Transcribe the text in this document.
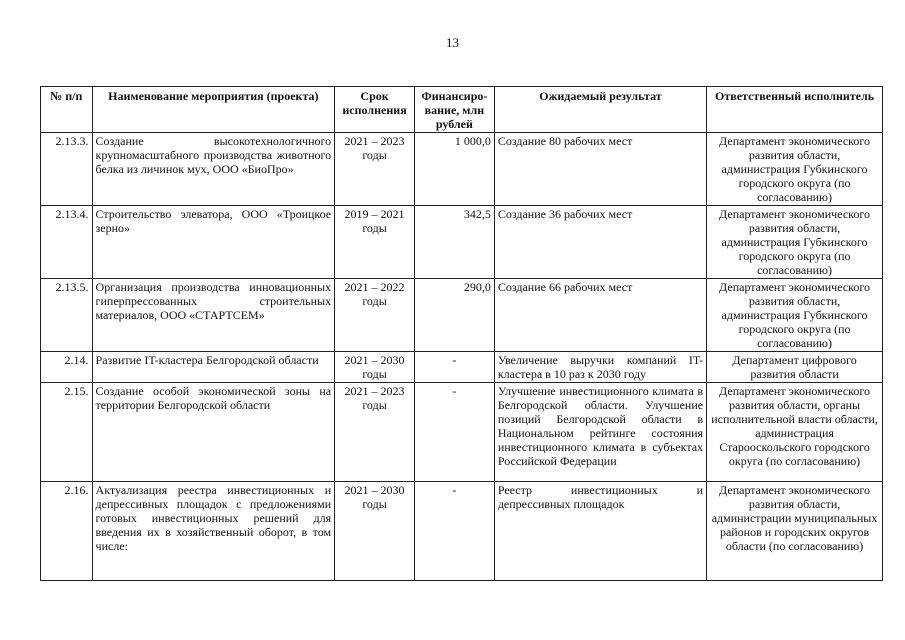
13
№ п/п	Наименование мероприятия (проекта)	Срок исполнения	Финансиро-вание, млн рублей	Ожидаемый результат	Ответственный исполнитель
2.13.3.	Создание высокотехнологичного крупномасштабного производства животного белка из личинок мух, ООО «БиоПро»	2021 – 2023 годы	1 000,0	Создание 80 рабочих мест	Департамент экономического развития области, администрация Губкинского городского округа (по согласованию)
2.13.4.	Строительство элеватора, ООО «Троицкое зерно»	2019 – 2021 годы	342,5	Создание 36 рабочих мест	Департамент экономического развития области, администрация Губкинского городского округа (по согласованию)
2.13.5.	Организация производства инновационных гиперпрессованных строительных материалов, ООО «СТАРТСЕМ»	2021 – 2022 годы	290,0	Создание 66 рабочих мест	Департамент экономического развития области, администрация Губкинского городского округа (по согласованию)
2.14.	Развитие IT-кластера Белгородской области	2021 – 2030 годы	-	Увеличение выручки компаний IT-кластера в 10 раз к 2030 году	Департамент цифрового развития области
2.15.	Создание особой экономической зоны на территории Белгородской области	2021 – 2023 годы	-	Улучшение инвестиционного климата в Белгородской области. Улучшение позиций Белгородской области в Национальном рейтинге состояния инвестиционного климата в субъектах Российской Федерации	Департамент экономического развития области, органы исполнительной власти области, администрация Старооскольского городского округа (по согласованию)
2.16.	Актуализация реестра инвестиционных и депрессивных площадок с предложениями готовых инвестиционных решений для введения их в хозяйственный оборот, в том числе:	2021 – 2030 годы	-	Реестр инвестиционных и депрессивных площадок	Департамент экономического развития области, администрации муниципальных районов и городских округов области (по согласованию)
